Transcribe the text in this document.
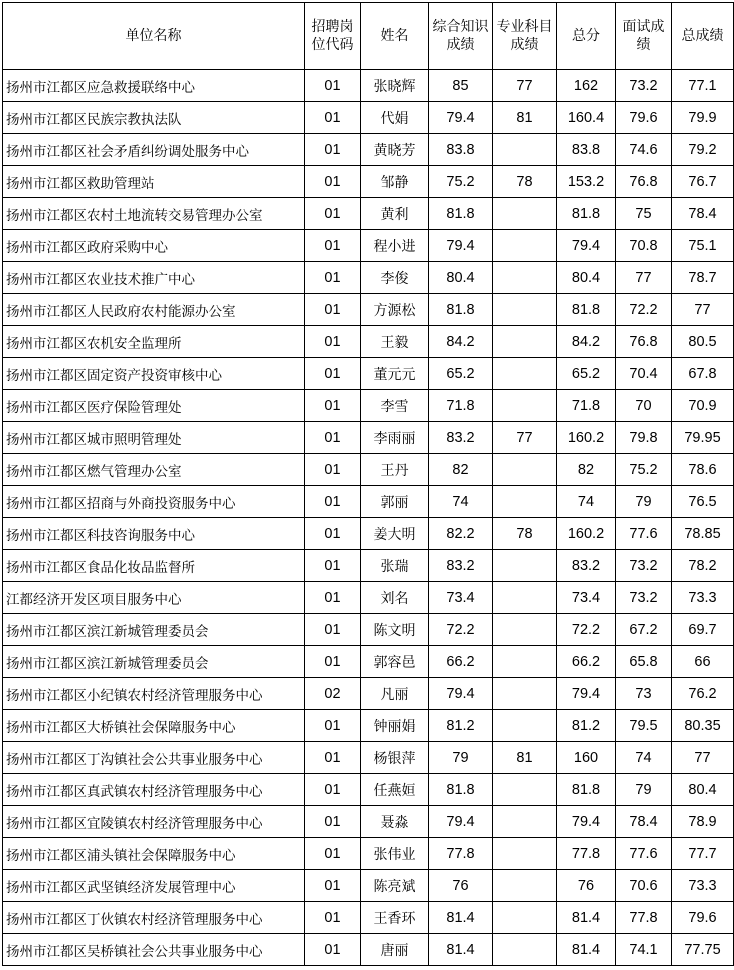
单位名称	招聘岗位代码	姓名	综合知识成绩	专业科目成绩	总分	面试成绩	总成绩
扬州市江都区应急救援联络中心	01	张晓辉	85	77	162	73.2	77.1
扬州市江都区民族宗教执法队	01	代娟	79.4	81	160.4	79.6	79.9
扬州市江都区社会矛盾纠纷调处服务中心	01	黄晓芳	83.8		83.8	74.6	79.2
扬州市江都区救助管理站	01	邹静	75.2	78	153.2	76.8	76.7
扬州市江都区农村土地流转交易管理办公室	01	黄利	81.8		81.8	75	78.4
扬州市江都区政府采购中心	01	程小进	79.4		79.4	70.8	75.1
扬州市江都区农业技术推广中心	01	李俊	80.4		80.4	77	78.7
扬州市江都区人民政府农村能源办公室	01	方源松	81.8		81.8	72.2	77
扬州市江都区农机安全监理所	01	王毅	84.2		84.2	76.8	80.5
扬州市江都区固定资产投资审核中心	01	董元元	65.2		65.2	70.4	67.8
扬州市江都区医疗保险管理处	01	李雪	71.8		71.8	70	70.9
扬州市江都区城市照明管理处	01	李雨丽	83.2	77	160.2	79.8	79.95
扬州市江都区燃气管理办公室	01	王丹	82		82	75.2	78.6
扬州市江都区招商与外商投资服务中心	01	郭丽	74		74	79	76.5
扬州市江都区科技咨询服务中心	01	姜大明	82.2	78	160.2	77.6	78.85
扬州市江都区食品化妆品监督所	01	张瑞	83.2		83.2	73.2	78.2
江都经济开发区项目服务中心	01	刘名	73.4		73.4	73.2	73.3
扬州市江都区滨江新城管理委员会	01	陈文明	72.2		72.2	67.2	69.7
扬州市江都区滨江新城管理委员会	01	郭容邑	66.2		66.2	65.8	66
扬州市江都区小纪镇农村经济管理服务中心	02	凡丽	79.4		79.4	73	76.2
扬州市江都区大桥镇社会保障服务中心	01	钟丽娟	81.2		81.2	79.5	80.35
扬州市江都区丁沟镇社会公共事业服务中心	01	杨银萍	79	81	160	74	77
扬州市江都区真武镇农村经济管理服务中心	01	任燕姮	81.8		81.8	79	80.4
扬州市江都区宜陵镇农村经济管理服务中心	01	聂淼	79.4		79.4	78.4	78.9
扬州市江都区浦头镇社会保障服务中心	01	张伟业	77.8		77.8	77.6	77.7
扬州市江都区武坚镇经济发展管理中心	01	陈亮斌	76		76	70.6	73.3
扬州市江都区丁伙镇农村经济管理服务中心	01	王香环	81.4		81.4	77.8	79.6
扬州市江都区吴桥镇社会公共事业服务中心	01	唐丽	81.4		81.4	74.1	77.75
